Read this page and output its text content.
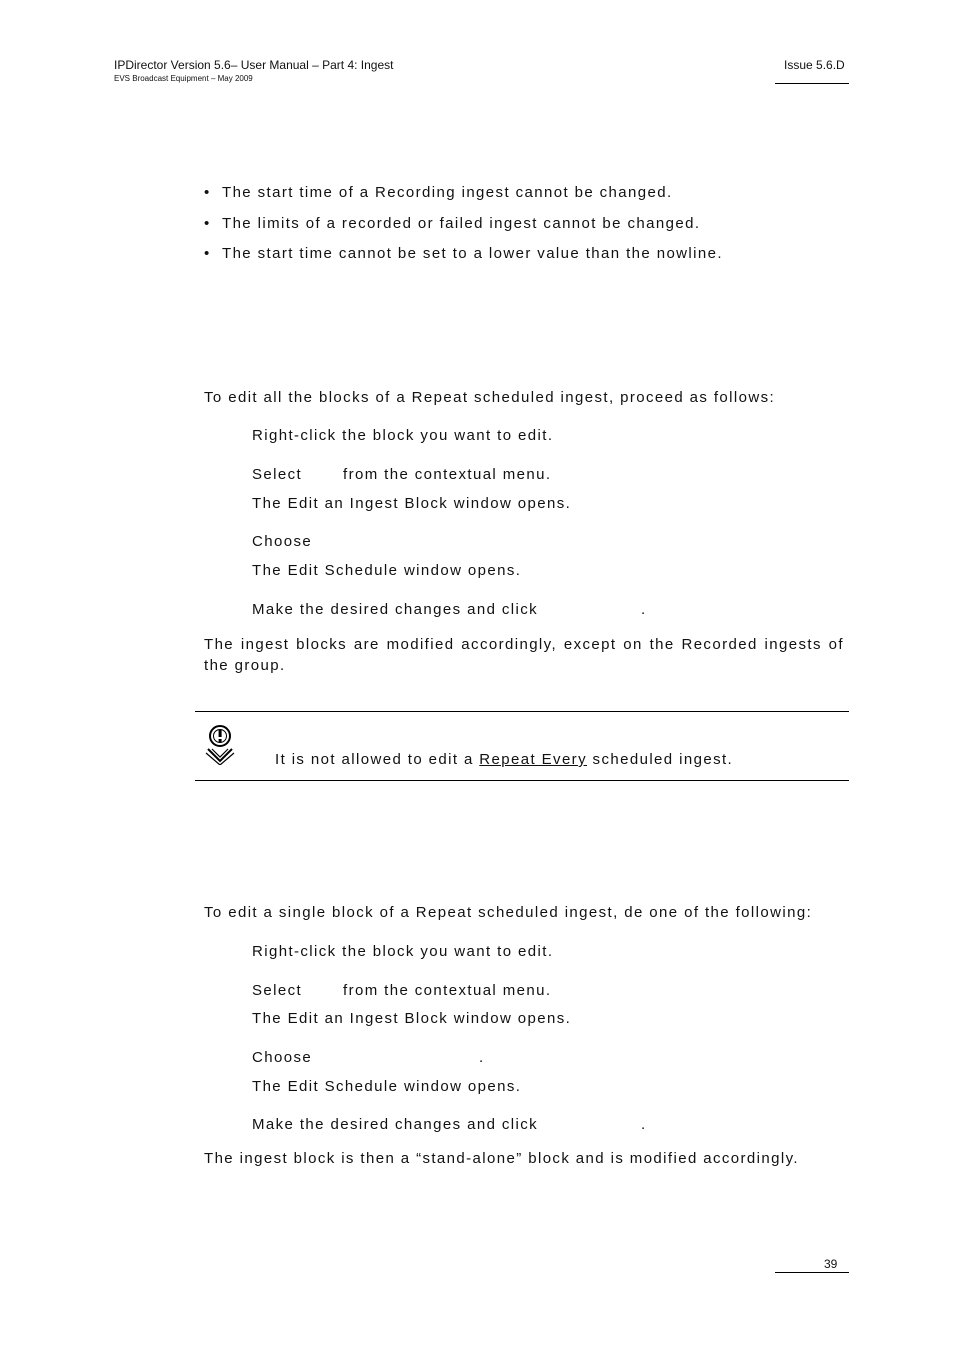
IPDirector Version 5.6– User Manual – Part 4: Ingest
EVS Broadcast Equipment – May 2009
Issue 5.6.D
The start time of a Recording ingest cannot be changed.
The limits of a recorded or failed ingest cannot be changed.
The start time cannot be set to a lower value than the nowline.
To edit all the blocks of a Repeat scheduled ingest, proceed as follows:
Right-click the block you want to edit.
Select	from the contextual menu.
The Edit an Ingest Block window opens.
Choose
The Edit Schedule window opens.
Make the desired changes and click	.
The ingest blocks are modified accordingly, except on the Recorded ingests of the group.
It is not allowed to edit a Repeat Every scheduled ingest.
To edit a single block of a Repeat scheduled ingest, de one of the following:
Right-click the block you want to edit.
Select	from the contextual menu.
The Edit an Ingest Block window opens.
Choose	.
The Edit Schedule window opens.
Make the desired changes and click	.
The ingest block is then a “stand-alone” block and is modified accordingly.
39
